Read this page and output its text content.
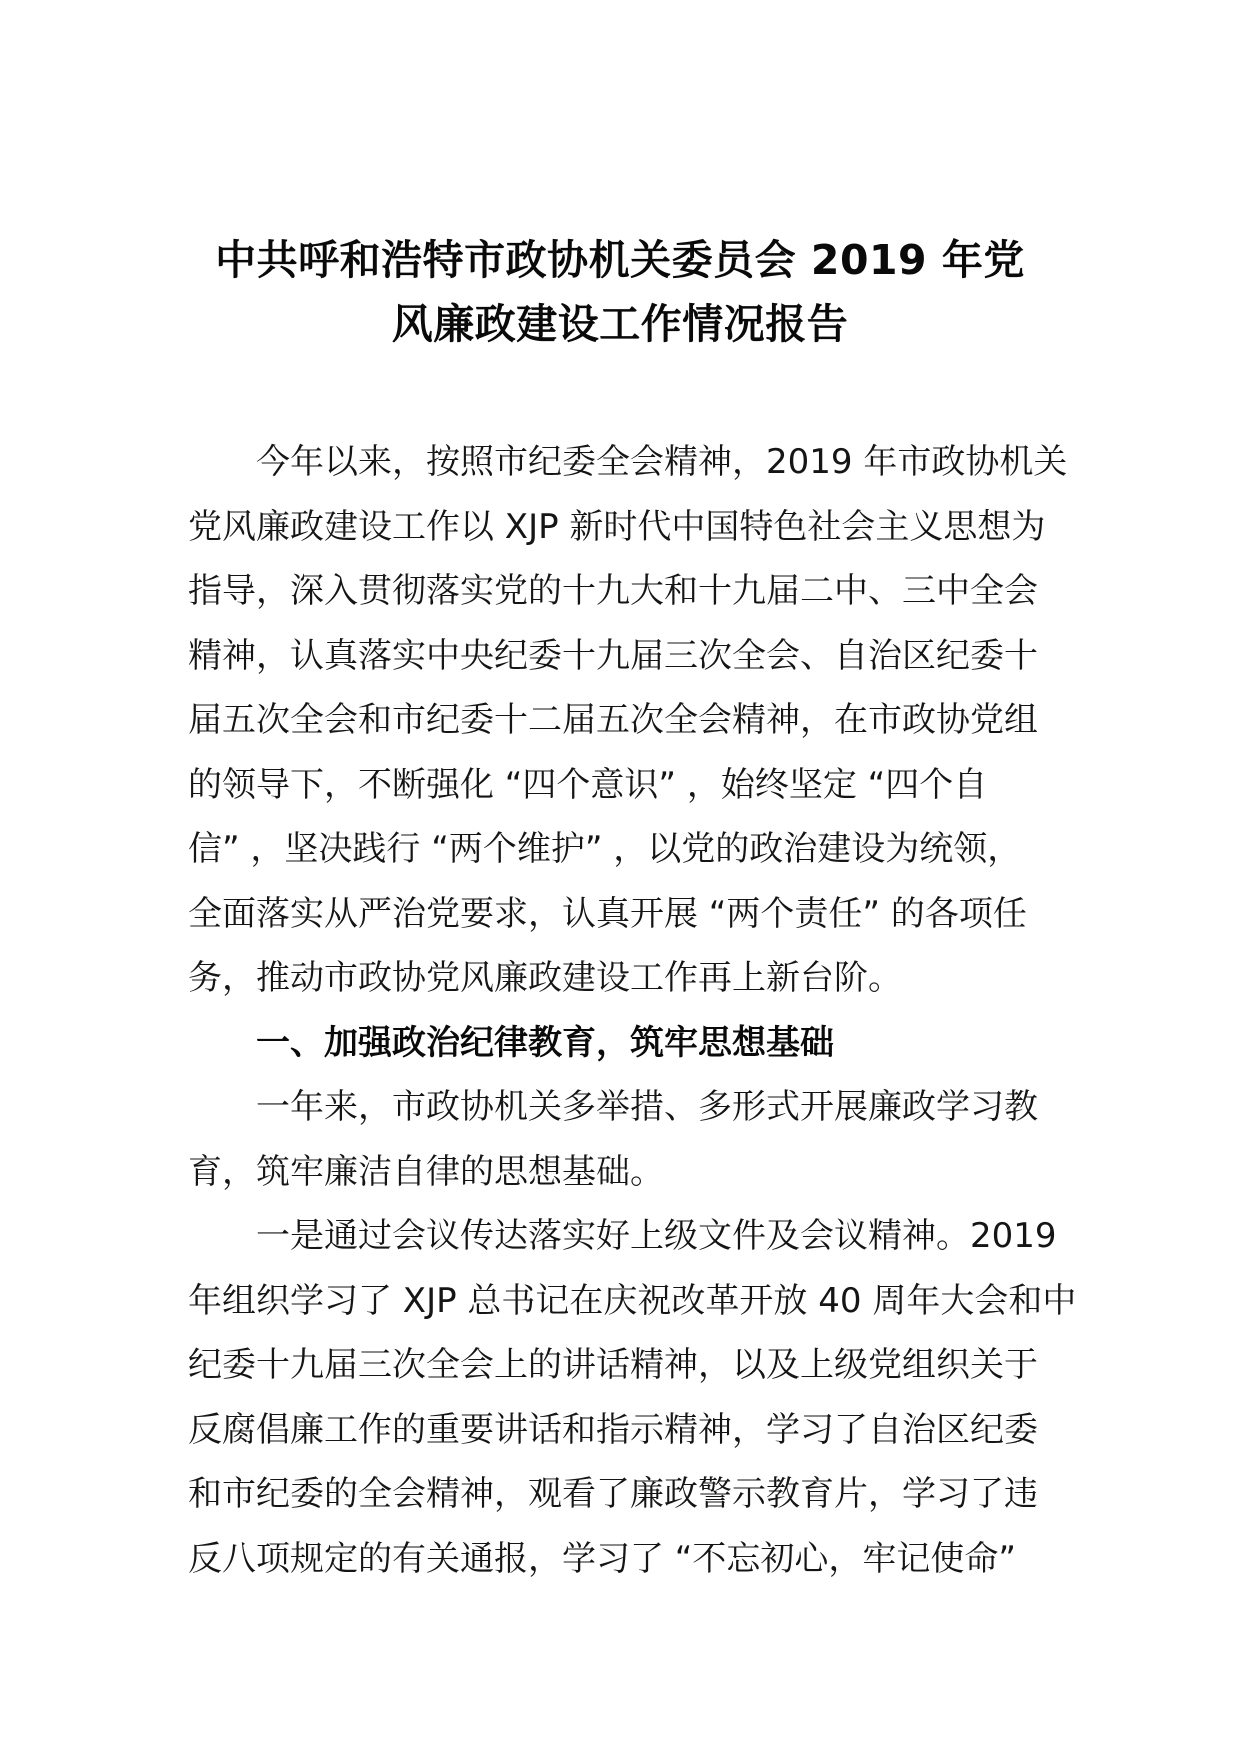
中共呼和浩特市政协机关委员会 2019 年党
风廉政建设工作情况报告
今年以来，按照市纪委全会精神，2019 年市政协机关
党风廉政建设工作以 XJP 新时代中国特色社会主义思想为
指导，深入贯彻落实党的十九大和十九届二中、三中全会
精神，认真落实中央纪委十九届三次全会、自治区纪委十
届五次全会和市纪委十二届五次全会精神，在市政协党组
的领导下，不断强化 “四个意识” ，始终坚定 “四个自
信” ，坚决践行 “两个维护” ，以党的政治建设为统领，
全面落实从严治党要求，认真开展 “两个责任” 的各项任
务，推动市政协党风廉政建设工作再上新台阶。
一、加强政治纪律教育，筑牢思想基础
一年来，市政协机关多举措、多形式开展廉政学习教
育，筑牢廉洁自律的思想基础。
一是通过会议传达落实好上级文件及会议精神。2019
年组织学习了 XJP 总书记在庆祝改革开放 40 周年大会和中
纪委十九届三次全会上的讲话精神，以及上级党组织关于
反腐倡廉工作的重要讲话和指示精神，学习了自治区纪委
和市纪委的全会精神，观看了廉政警示教育片，学习了违
反八项规定的有关通报，学习了 “不忘初心，牢记使命”
